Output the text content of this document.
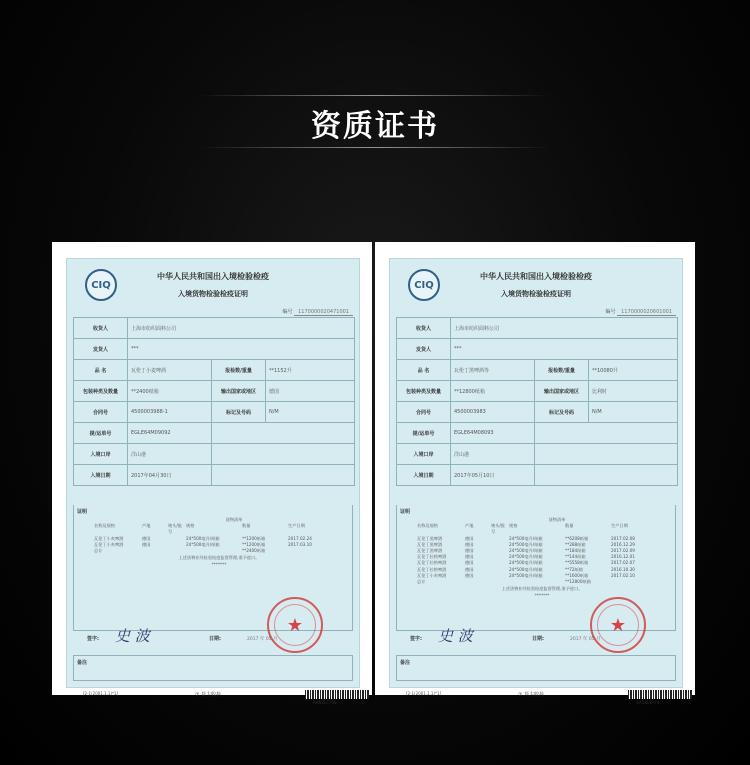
资质证书
CIQ
中华人民共和国出入境检验检疫
入境货物检验检疫证明
编号 1170000020471001
收货人	上海市纺织面料公司
发货人	***
品 名	瓦伦丁小麦啤酒	报检数/重量	**1152升
包装种类及数量	**2400纸箱	输出国家或地区	德国
合同号	4500003988-1	标记及号码	N/M
提/运单号	EGLE64M09092
入境口岸	洋山港
入境日期	2017年04月30日
证明
货物清单
名称及规格	产地	唛头/批号
规格	数量	生产日期
瓦伦丁小麦啤酒	德国	24*500毫升/纸箱	**1200纸箱	2017.02.24
瓦伦丁小麦啤酒	德国	24*500毫升/纸箱	**1200纸箱	2017.03.10
总计	**2400纸箱
上述货物业经检验检疫监督管理,准予进口。
*******
签字: 史 波	日期:	2017 年 05 月
★
备注
[2-1(2001.1.1)*1]	① 货主收执
AA5317706
CIQ
中华人民共和国出入境检验检疫
入境货物检验检疫证明
编号 1170000020601001
收货人	上海市纺织面料公司
发货人	***
品 名	瓦伦丁黑啤酒等	报检数/重量	**10080升
包装种类及数量	**12800纸箱	输出国家或地区	比利时
合同号	4500003983	标记及号码	N/M
提/运单号	EGLE64M08093
入境口岸	洋山港
入境日期	2017年05月10日
证明
货物清单
名称及规格	产地	唛头/批号
规格	数量	生产日期
瓦伦丁黑啤酒	德国	24*500毫升/纸箱	**6208纸箱	2017.02.08
瓦伦丁黑啤酒	德国	24*500毫升/纸箱	**288纸箱	2016.12.29
瓦伦丁黑啤酒	德国	24*500毫升/纸箱	**184纸箱	2017.02.09
瓦伦丁拉格啤酒	德国	24*500毫升/纸箱	**144纸箱	2016.12.01
瓦伦丁拉格啤酒	德国	24*500毫升/纸箱	**5558纸箱	2017.02.07
瓦伦丁拉格啤酒	德国	24*500毫升/纸箱	**72纸箱	2016.10.30
瓦伦丁小麦啤酒	德国	24*500毫升/纸箱	**1600纸箱	2017.02.10
总计	**12800纸箱
上述货物业经检验检疫监督管理,准予进口。
*******
签字: 史 波	日期:	2017 年 05 月
★
备注
[2-1(2001.1.1)*1]	① 货主收执
AA5317774
